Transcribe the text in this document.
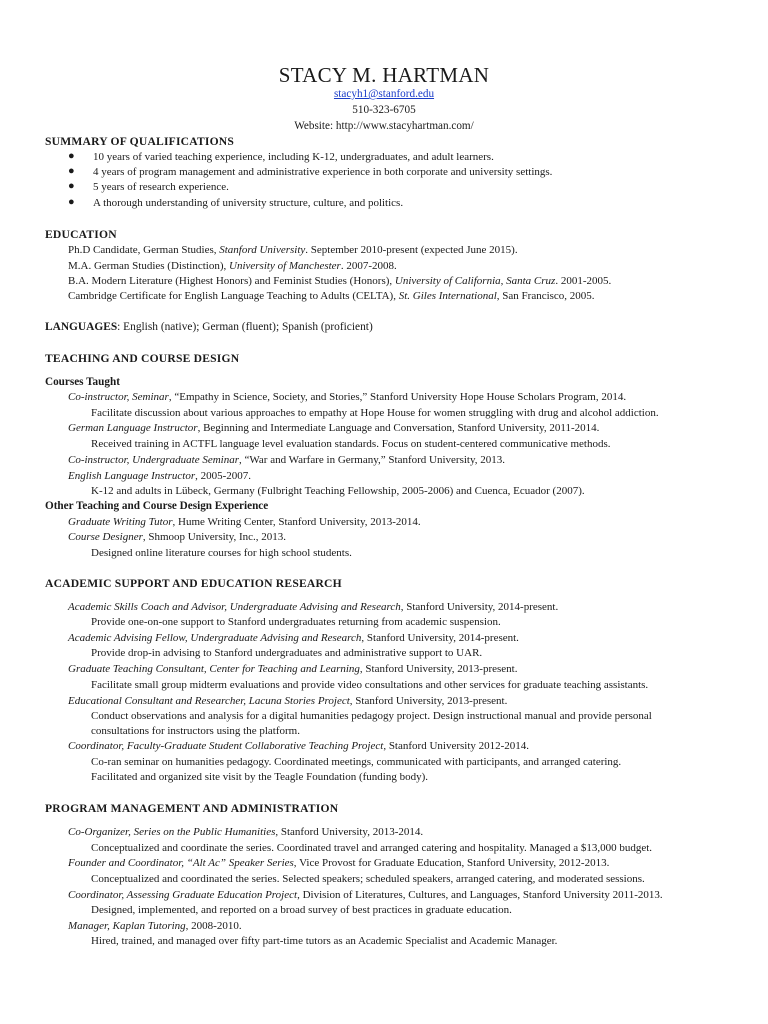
STACY M. HARTMAN
stacyh1@stanford.edu
510-323-6705
Website: http://www.stacyhartman.com/
SUMMARY OF QUALIFICATIONS
● 10 years of varied teaching experience, including K-12, undergraduates, and adult learners.
● 4 years of program management and administrative experience in both corporate and university settings.
● 5 years of research experience.
● A thorough understanding of university structure, culture, and politics.
EDUCATION
Ph.D Candidate, German Studies, Stanford University. September 2010-present (expected June 2015).
M.A. German Studies (Distinction), University of Manchester. 2007-2008.
B.A. Modern Literature (Highest Honors) and Feminist Studies (Honors), University of California, Santa Cruz. 2001-2005.
Cambridge Certificate for English Language Teaching to Adults (CELTA), St. Giles International, San Francisco, 2005.
LANGUAGES: English (native); German (fluent); Spanish (proficient)
TEACHING AND COURSE DESIGN
Courses Taught
Co-instructor, Seminar, “Empathy in Science, Society, and Stories,” Stanford University Hope House Scholars Program, 2014.
Facilitate discussion about various approaches to empathy at Hope House for women struggling with drug and alcohol addiction.
German Language Instructor, Beginning and Intermediate Language and Conversation, Stanford University, 2011-2014.
Received training in ACTFL language level evaluation standards. Focus on student-centered communicative methods.
Co-instructor, Undergraduate Seminar, “War and Warfare in Germany,” Stanford University, 2013.
English Language Instructor, 2005-2007.
K-12 and adults in Lübeck, Germany (Fulbright Teaching Fellowship, 2005-2006) and Cuenca, Ecuador (2007).
Other Teaching and Course Design Experience
Graduate Writing Tutor, Hume Writing Center, Stanford University, 2013-2014.
Course Designer, Shmoop University, Inc., 2013.
Designed online literature courses for high school students.
ACADEMIC SUPPORT AND EDUCATION RESEARCH
Academic Skills Coach and Advisor, Undergraduate Advising and Research, Stanford University, 2014-present.
Provide one-on-one support to Stanford undergraduates returning from academic suspension.
Academic Advising Fellow, Undergraduate Advising and Research, Stanford University, 2014-present.
Provide drop-in advising to Stanford undergraduates and administrative support to UAR.
Graduate Teaching Consultant, Center for Teaching and Learning, Stanford University, 2013-present.
Facilitate small group midterm evaluations and provide video consultations and other services for graduate teaching assistants.
Educational Consultant and Researcher, Lacuna Stories Project, Stanford University, 2013-present.
Conduct observations and analysis for a digital humanities pedagogy project. Design instructional manual and provide personal
consultations for instructors using the platform.
Coordinator, Faculty-Graduate Student Collaborative Teaching Project, Stanford University 2012-2014.
Co-ran seminar on humanities pedagogy. Coordinated meetings, communicated with participants, and arranged catering.
Facilitated and organized site visit by the Teagle Foundation (funding body).
PROGRAM MANAGEMENT AND ADMINISTRATION
Co-Organizer, Series on the Public Humanities, Stanford University, 2013-2014.
Conceptualized and coordinate the series. Coordinated travel and arranged catering and hospitality. Managed a $13,000 budget.
Founder and Coordinator, “Alt Ac” Speaker Series, Vice Provost for Graduate Education, Stanford University, 2012-2013.
Conceptualized and coordinated the series. Selected speakers; scheduled speakers, arranged catering, and moderated sessions.
Coordinator, Assessing Graduate Education Project, Division of Literatures, Cultures, and Languages, Stanford University 2011-2013.
Designed, implemented, and reported on a broad survey of best practices in graduate education.
Manager, Kaplan Tutoring, 2008-2010.
Hired, trained, and managed over fifty part-time tutors as an Academic Specialist and Academic Manager.
